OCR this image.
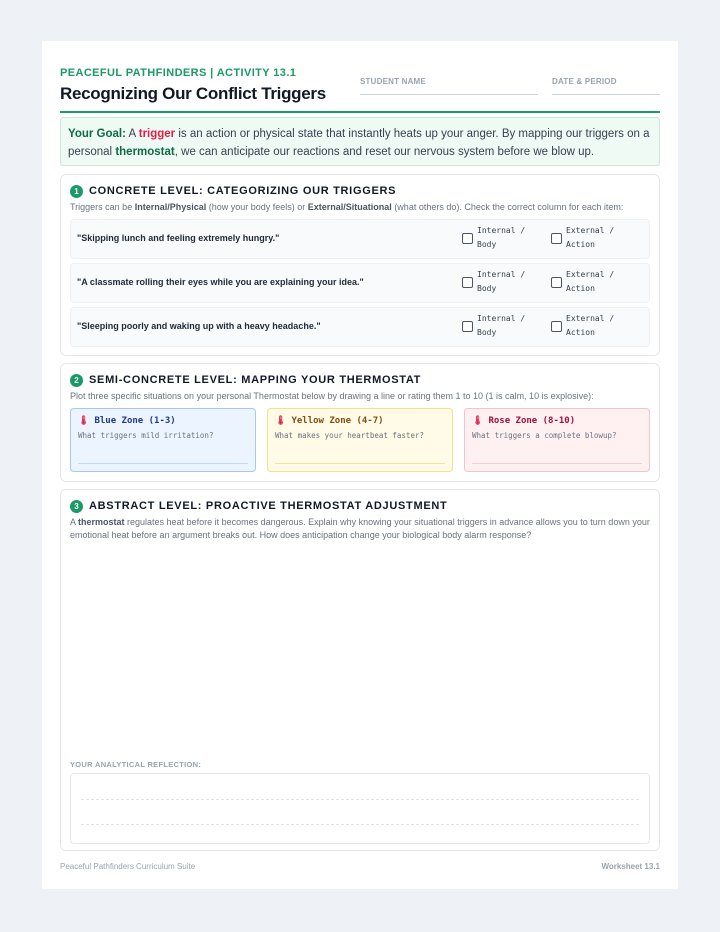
PEACEFUL PATHFINDERS | ACTIVITY 13.1
Recognizing Our Conflict Triggers
STUDENT NAME	DATE & PERIOD
Your Goal: A trigger is an action or physical state that instantly heats up your anger. By mapping our triggers on a personal thermostat, we can anticipate our reactions and reset our nervous system before we blow up.
1 CONCRETE LEVEL: CATEGORIZING OUR TRIGGERS
Triggers can be Internal/Physical (how your body feels) or External/Situational (what others do). Check the correct column for each item:
"Skipping lunch and feeling extremely hungry."
Internal / Body
External / Action
"A classmate rolling their eyes while you are explaining your idea."
Internal / Body
External / Action
"Sleeping poorly and waking up with a heavy headache."
Internal / Body
External / Action
2 SEMI-CONCRETE LEVEL: MAPPING YOUR THERMOSTAT
Plot three specific situations on your personal Thermostat below by drawing a line or rating them 1 to 10 (1 is calm, 10 is explosive):
🌡 Blue Zone (1-3)
What triggers mild irritation?
🌡 Yellow Zone (4-7)
What makes your heartbeat faster?
🌡 Rose Zone (8-10)
What triggers a complete blowup?
3 ABSTRACT LEVEL: PROACTIVE THERMOSTAT ADJUSTMENT
A thermostat regulates heat before it becomes dangerous. Explain why knowing your situational triggers in advance allows you to turn down your emotional heat before an argument breaks out. How does anticipation change your biological body alarm response?
YOUR ANALYTICAL REFLECTION:
Peaceful Pathfinders Curriculum Suite	Worksheet 13.1
